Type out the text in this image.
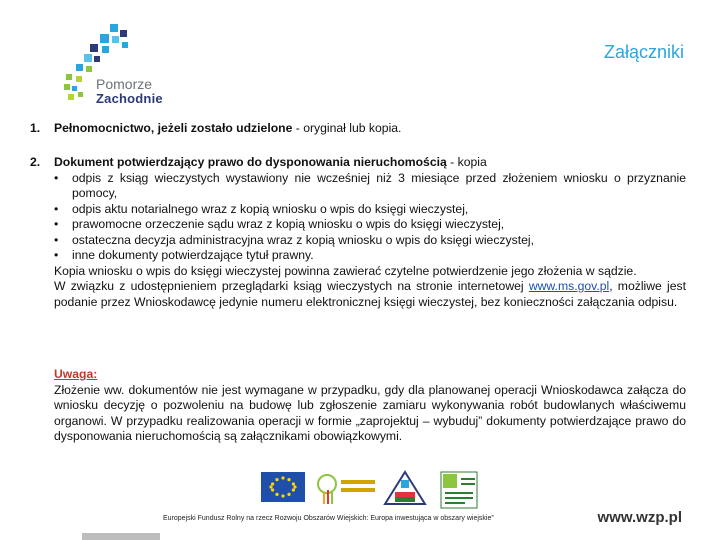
Pomorze
Zachodnie
Załączniki
1. Pełnomocnictwo, jeżeli zostało udzielone - oryginał lub kopia.
2. Dokument potwierdzający prawo do dysponowania nieruchomością - kopia
• odpis z ksiąg wieczystych wystawiony nie wcześniej niż 3 miesiące przed złożeniem wniosku o przyznanie pomocy,
• odpis aktu notarialnego wraz z kopią wniosku o wpis do księgi wieczystej,
• prawomocne orzeczenie sądu wraz z kopią wniosku o wpis do księgi wieczystej,
• ostateczna decyzja administracyjna wraz z kopią wniosku o wpis do księgi wieczystej,
• inne dokumenty potwierdzające tytuł prawny.
Kopia wniosku o wpis do księgi wieczystej powinna zawierać czytelne potwierdzenie jego złożenia w sądzie.
W związku z udostępnieniem przeglądarki ksiąg wieczystych na stronie internetowej www.ms.gov.pl, możliwe jest podanie przez Wnioskodawcę jedynie numeru elektronicznej księgi wieczystej, bez konieczności załączania odpisu.
Uwaga:
Złożenie ww. dokumentów nie jest wymagane w przypadku, gdy dla planowanej operacji Wnioskodawca załącza do wniosku decyzję o pozwoleniu na budowę lub zgłoszenie zamiaru wykonywania robót budowlanych właściwemu organowi. W przypadku realizowania operacji w formie „zaprojektuj – wybuduj” dokumenty potwierdzające prawo do dysponowania nieruchomością są załącznikami obowiązkowymi.
Europejski Fundusz Rolny na rzecz Rozwoju Obszarów Wiejskich: Europa inwestująca w obszary wiejskie”	www.wzp.pl
